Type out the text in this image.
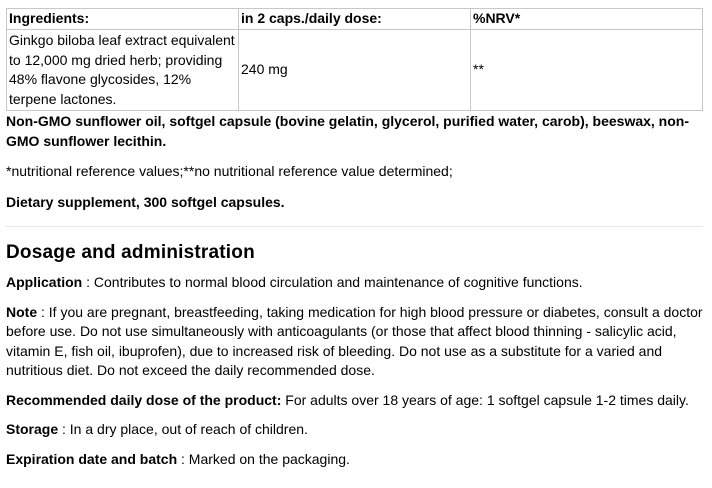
Ingredients:	in 2 caps./daily dose:	%NRV*
Ginkgo biloba leaf extract equivalent to 12,000 mg dried herb; providing 48% flavone glycosides, 12% terpene lactones.	240 mg	**

Non-GMO sunflower oil, softgel capsule (bovine gelatin, glycerol, purified water, carob), beeswax, non-GMO sunflower lecithin.

*nutritional reference values;**no nutritional reference value determined;

Dietary supplement, 300 softgel capsules.

Dosage and administration

Application : Contributes to normal blood circulation and maintenance of cognitive functions.

Note : If you are pregnant, breastfeeding, taking medication for high blood pressure or diabetes, consult a doctor before use. Do not use simultaneously with anticoagulants (or those that affect blood thinning - salicylic acid, vitamin E, fish oil, ibuprofen), due to increased risk of bleeding. Do not use as a substitute for a varied and nutritious diet. Do not exceed the daily recommended dose.

Recommended daily dose of the product: For adults over 18 years of age: 1 softgel capsule 1-2 times daily.

Storage : In a dry place, out of reach of children.

Expiration date and batch : Marked on the packaging.
